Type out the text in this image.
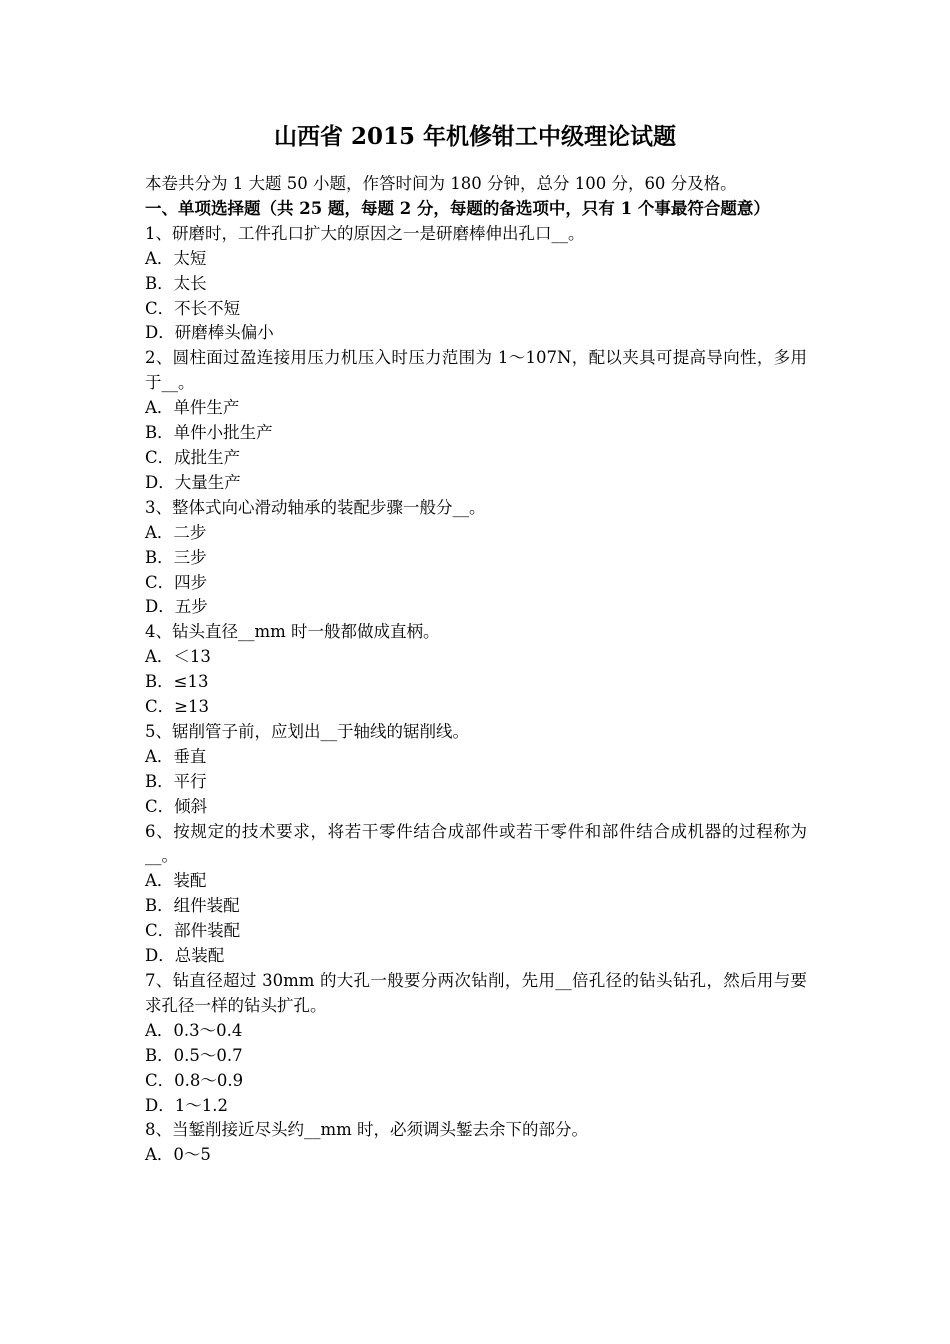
山西省 2015 年机修钳工中级理论试题

本卷共分为 1 大题 50 小题，作答时间为 180 分钟，总分 100 分，60 分及格。

一、单项选择题（共 25 题，每题 2 分，每题的备选项中，只有 1 个事最符合题意）

1、研磨时，工件孔口扩大的原因之一是研磨棒伸出孔口__。

A．太短

B．太长

C．不长不短

D．研磨棒头偏小

2、圆柱面过盈连接用压力机压入时压力范围为 1～107N，配以夹具可提高导向性，多用于__。

A．单件生产

B．单件小批生产

C．成批生产

D．大量生产

3、整体式向心滑动轴承的装配步骤一般分__。

A．二步

B．三步

C．四步

D．五步

4、钻头直径__mm 时一般都做成直柄。

A．＜13

B．≤13

C．≥13

5、锯削管子前，应划出__于轴线的锯削线。

A．垂直

B．平行

C．倾斜

6、按规定的技术要求，将若干零件结合成部件或若干零件和部件结合成机器的过程称为__。

A．装配

B．组件装配

C．部件装配

D．总装配

7、钻直径超过 30mm 的大孔一般要分两次钻削，先用__倍孔径的钻头钻孔，然后用与要求孔径一样的钻头扩孔。

A．0.3～0.4

B．0.5～0.7

C．0.8～0.9

D．1～1.2

8、当錾削接近尽头约__mm 时，必须调头錾去余下的部分。

A．0～5
